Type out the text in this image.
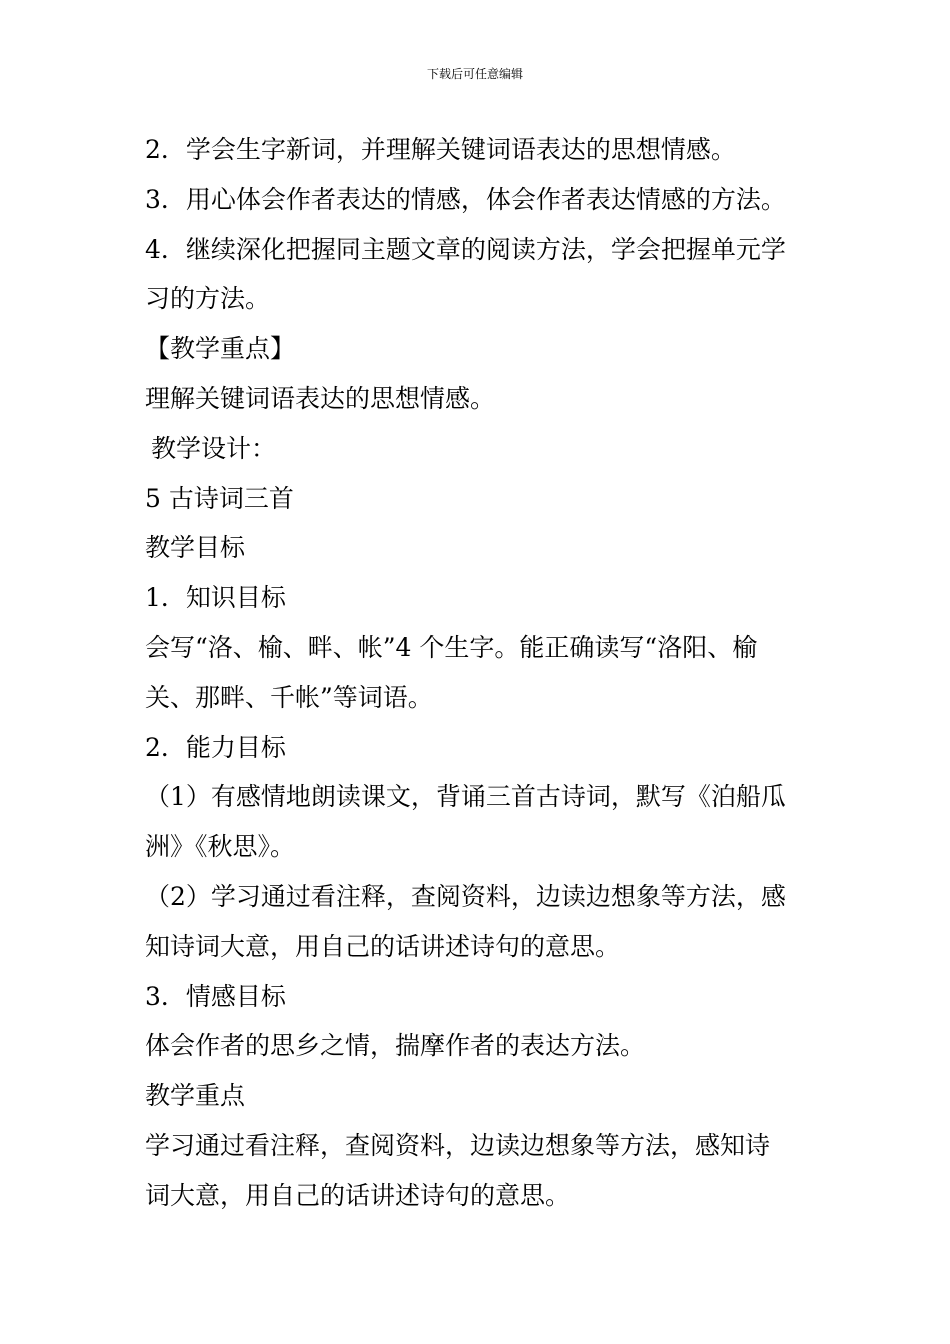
下载后可任意编辑
2．学会生字新词，并理解关键词语表达的思想情感。
3．用心体会作者表达的情感，体会作者表达情感的方法。
4．继续深化把握同主题文章的阅读方法，学会把握单元学
习的方法。
【教学重点】
理解关键词语表达的思想情感。
教学设计：
5 古诗词三首
教学目标
1．知识目标
会写“洛、榆、畔、帐”4 个生字。能正确读写“洛阳、榆
关、那畔、千帐”等词语。
2．能力目标
（1）有感情地朗读课文，背诵三首古诗词，默写《泊船瓜
洲》《秋思》。
（2）学习通过看注释，查阅资料，边读边想象等方法，感
知诗词大意，用自己的话讲述诗句的意思。
3．情感目标
体会作者的思乡之情，揣摩作者的表达方法。
教学重点
学习通过看注释，查阅资料，边读边想象等方法，感知诗
词大意，用自己的话讲述诗句的意思。
